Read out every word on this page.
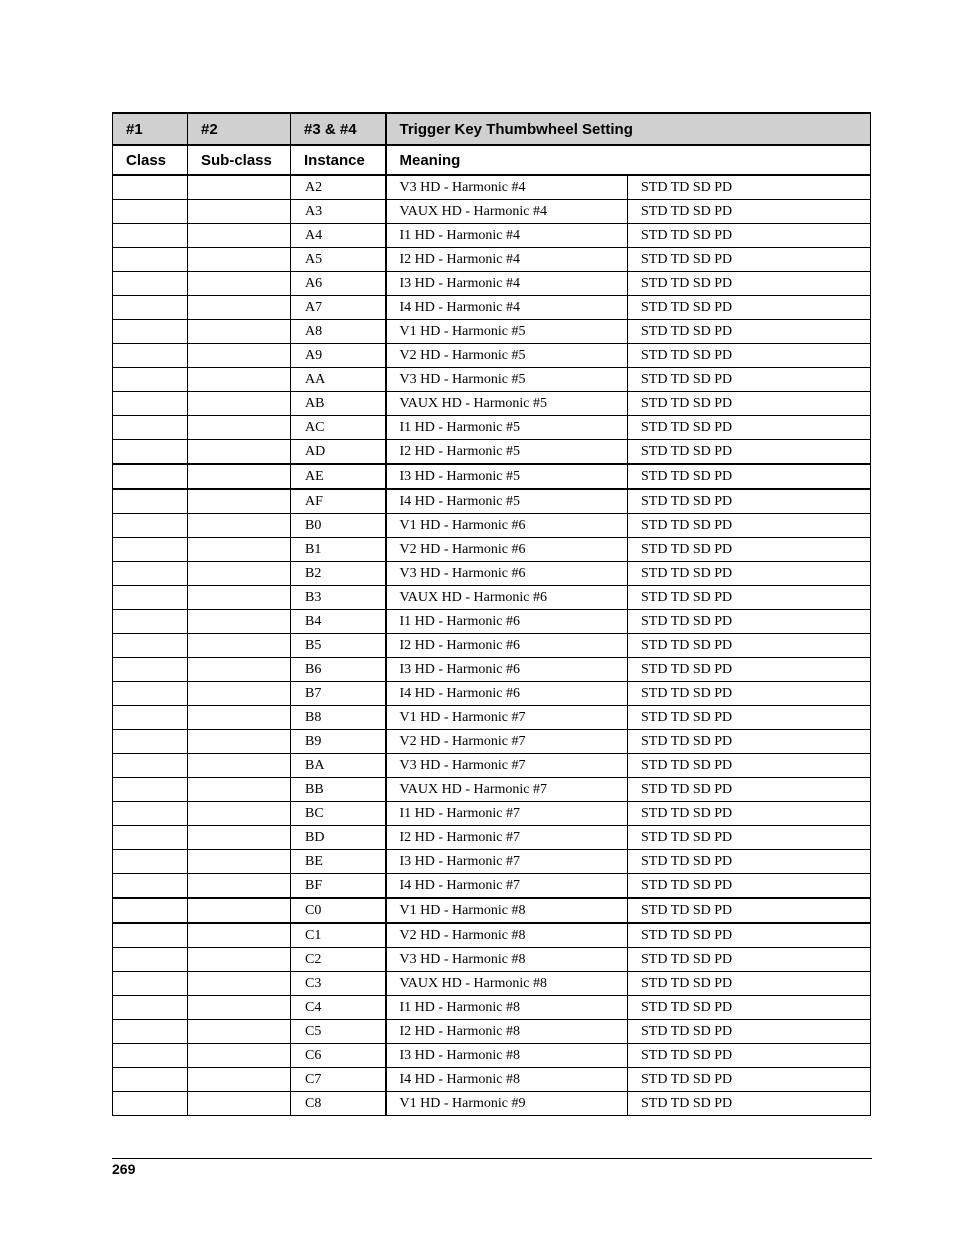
#1	#2	#3 & #4	Trigger Key Thumbwheel Setting	
Class	Sub-class	Instance	Meaning	
		A2	V3 HD - Harmonic #4	STD TD SD PD
		A3	VAUX HD - Harmonic #4	STD TD SD PD
		A4	I1 HD - Harmonic #4	STD TD SD PD
		A5	I2 HD - Harmonic #4	STD TD SD PD
		A6	I3 HD - Harmonic #4	STD TD SD PD
		A7	I4 HD - Harmonic #4	STD TD SD PD
		A8	V1 HD - Harmonic #5	STD TD SD PD
		A9	V2 HD - Harmonic #5	STD TD SD PD
		AA	V3 HD - Harmonic #5	STD TD SD PD
		AB	VAUX HD - Harmonic #5	STD TD SD PD
		AC	I1 HD - Harmonic #5	STD TD SD PD
		AD	I2 HD - Harmonic #5	STD TD SD PD
		AE	I3 HD - Harmonic #5	STD TD SD PD
		AF	I4 HD - Harmonic #5	STD TD SD PD
		B0	V1 HD - Harmonic #6	STD TD SD PD
		B1	V2 HD - Harmonic #6	STD TD SD PD
		B2	V3 HD - Harmonic #6	STD TD SD PD
		B3	VAUX HD - Harmonic #6	STD TD SD PD
		B4	I1 HD - Harmonic #6	STD TD SD PD
		B5	I2 HD - Harmonic #6	STD TD SD PD
		B6	I3 HD - Harmonic #6	STD TD SD PD
		B7	I4 HD - Harmonic #6	STD TD SD PD
		B8	V1 HD - Harmonic #7	STD TD SD PD
		B9	V2 HD - Harmonic #7	STD TD SD PD
		BA	V3 HD - Harmonic #7	STD TD SD PD
		BB	VAUX HD - Harmonic #7	STD TD SD PD
		BC	I1 HD - Harmonic #7	STD TD SD PD
		BD	I2 HD - Harmonic #7	STD TD SD PD
		BE	I3 HD - Harmonic #7	STD TD SD PD
		BF	I4 HD - Harmonic #7	STD TD SD PD
		C0	V1 HD - Harmonic #8	STD TD SD PD
		C1	V2 HD - Harmonic #8	STD TD SD PD
		C2	V3 HD - Harmonic #8	STD TD SD PD
		C3	VAUX HD - Harmonic #8	STD TD SD PD
		C4	I1 HD - Harmonic #8	STD TD SD PD
		C5	I2 HD - Harmonic #8	STD TD SD PD
		C6	I3 HD - Harmonic #8	STD TD SD PD
		C7	I4 HD - Harmonic #8	STD TD SD PD
		C8	V1 HD - Harmonic #9	STD TD SD PD
269
